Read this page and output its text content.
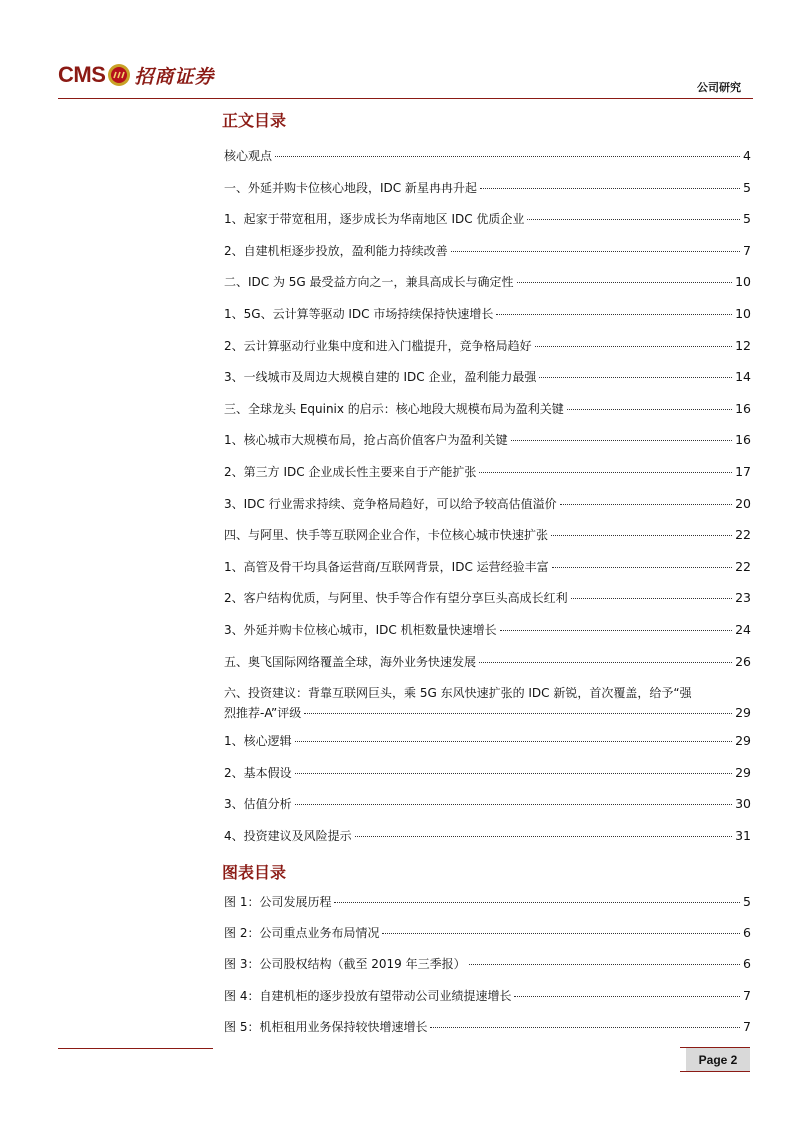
CMS 招商证券	公司研究
正文目录
核心观点	4
一、外延并购卡位核心地段，IDC 新星冉冉升起	5
1、起家于带宽租用，逐步成长为华南地区 IDC 优质企业	5
2、自建机柜逐步投放，盈利能力持续改善	7
二、IDC 为 5G 最受益方向之一，兼具高成长与确定性	10
1、5G、云计算等驱动 IDC 市场持续保持快速增长	10
2、云计算驱动行业集中度和进入门槛提升，竞争格局趋好	12
3、一线城市及周边大规模自建的 IDC 企业，盈利能力最强	14
三、全球龙头 Equinix 的启示：核心地段大规模布局为盈利关键	16
1、核心城市大规模布局，抢占高价值客户为盈利关键	16
2、第三方 IDC 企业成长性主要来自于产能扩张	17
3、IDC 行业需求持续、竞争格局趋好，可以给予较高估值溢价	20
四、与阿里、快手等互联网企业合作，卡位核心城市快速扩张	22
1、高管及骨干均具备运营商/互联网背景，IDC 运营经验丰富	22
2、客户结构优质，与阿里、快手等合作有望分享巨头高成长红利	23
3、外延并购卡位核心城市，IDC 机柜数量快速增长	24
五、奥飞国际网络覆盖全球，海外业务快速发展	26
六、投资建议：背靠互联网巨头，乘 5G 东风快速扩张的 IDC 新锐，首次覆盖，给予“强
烈推荐-A”评级	29
1、核心逻辑	29
2、基本假设	29
3、估值分析	30
4、投资建议及风险提示	31
图表目录
图 1：公司发展历程	5
图 2：公司重点业务布局情况	6
图 3：公司股权结构（截至 2019 年三季报）	6
图 4：自建机柜的逐步投放有望带动公司业绩提速增长	7
图 5：机柜租用业务保持较快增速增长	7
Page 2
